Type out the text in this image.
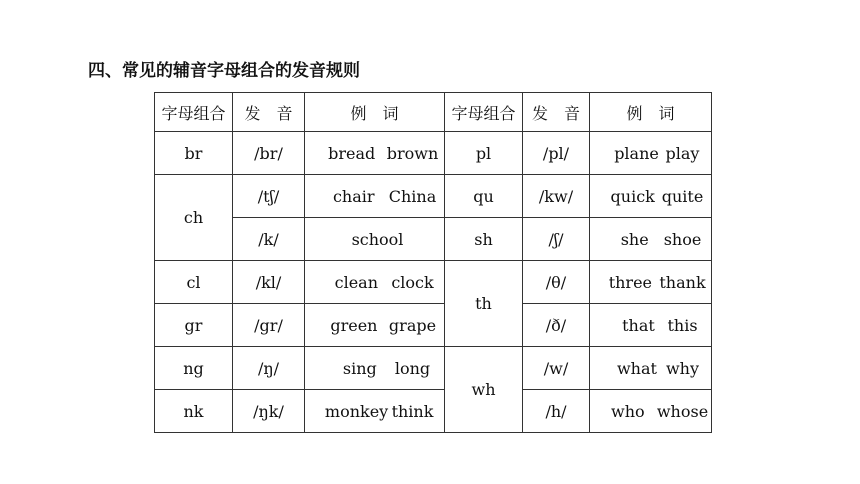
四、常见的辅音字母组合的发音规则
字母组合	发　音	例　词	字母组合	发　音	例　词
br	/br/	bread brown	pl	/pl/	plane play
ch	/tʃ/	chair China	qu	/kw/	quick quite
	/k/	school	sh	/ʃ/	she shoe
cl	/kl/	clean clock	th	/θ/	three thank
gr	/gr/	green grape		/ð/	that this
ng	/ŋ/	sing long	wh	/w/	what why
nk	/ŋk/	monkey think		/h/	who whose
